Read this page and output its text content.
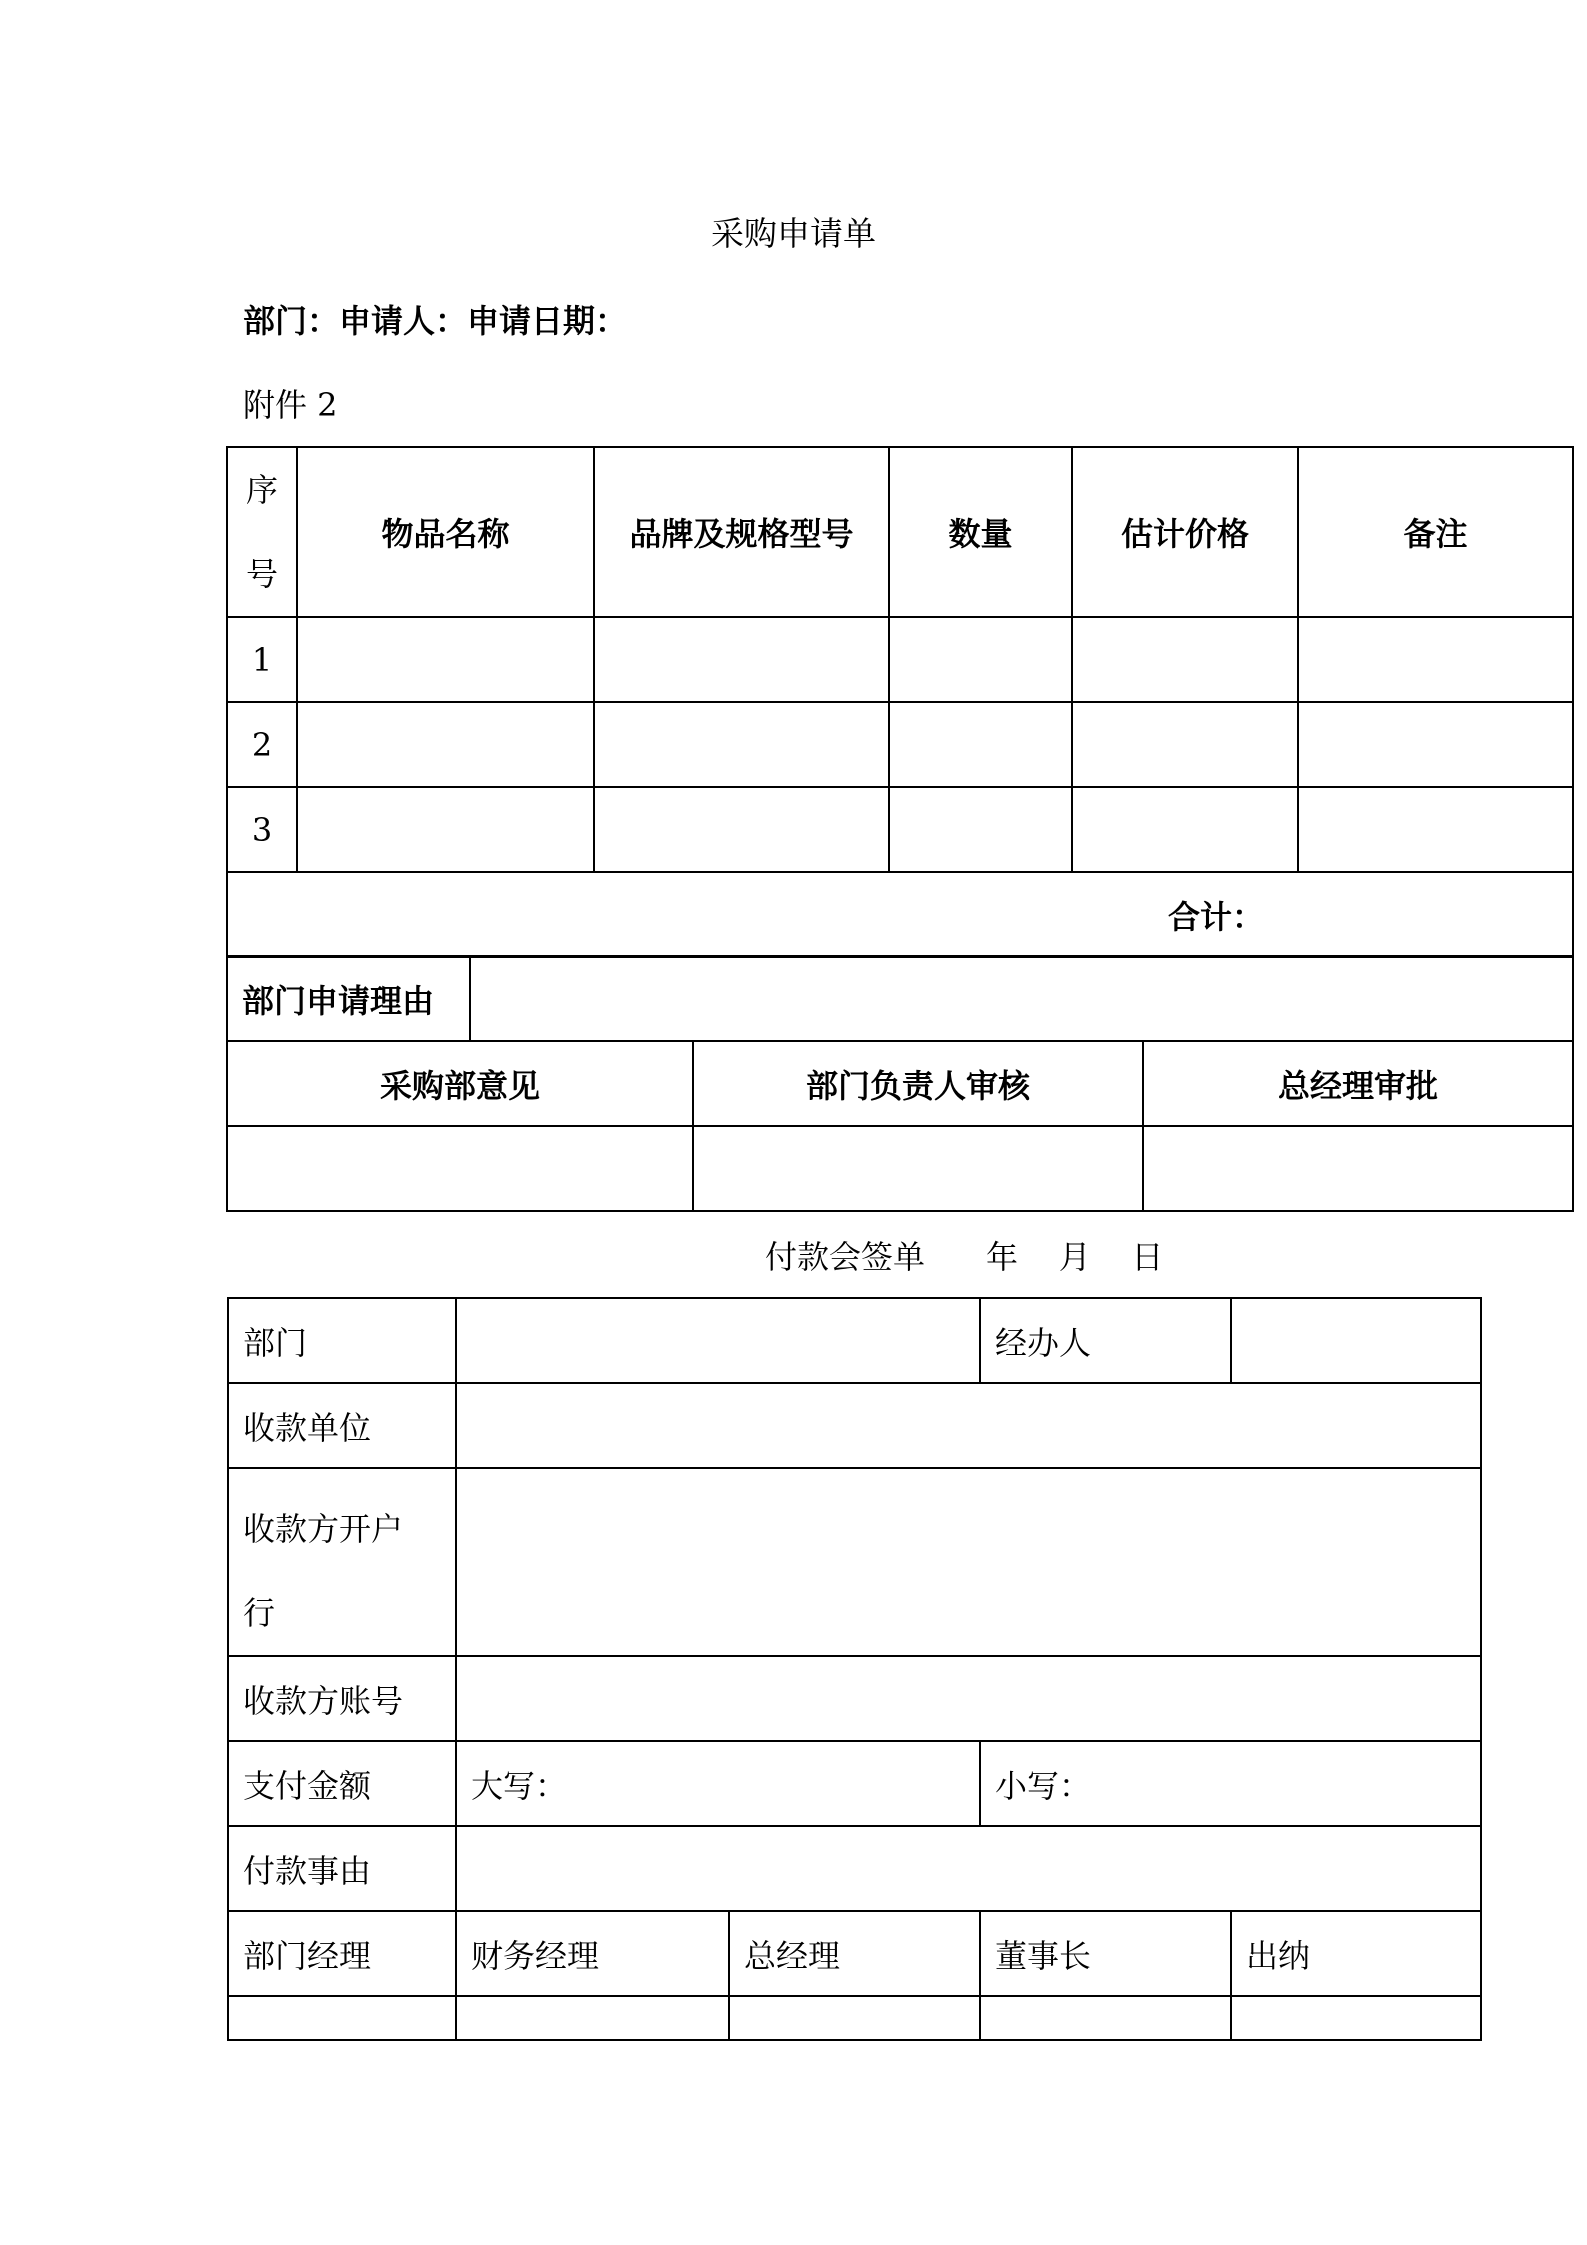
采购申请单
部门：申请人：申请日期：
附件 2
序
号	物品名称	品牌及规格型号	数量	估计价格	备注
1					
2					
3					
合计：					
部门申请理由	
采购部意见	部门负责人审核	总经理审批

付款会签单      年    月    日
部门			经办人	
收款单位				

收款方开户
行				

收款方账号				
支付金额	大写：		小写：	
付款事由				
部门经理	财务经理	总经理	董事长	出纳
